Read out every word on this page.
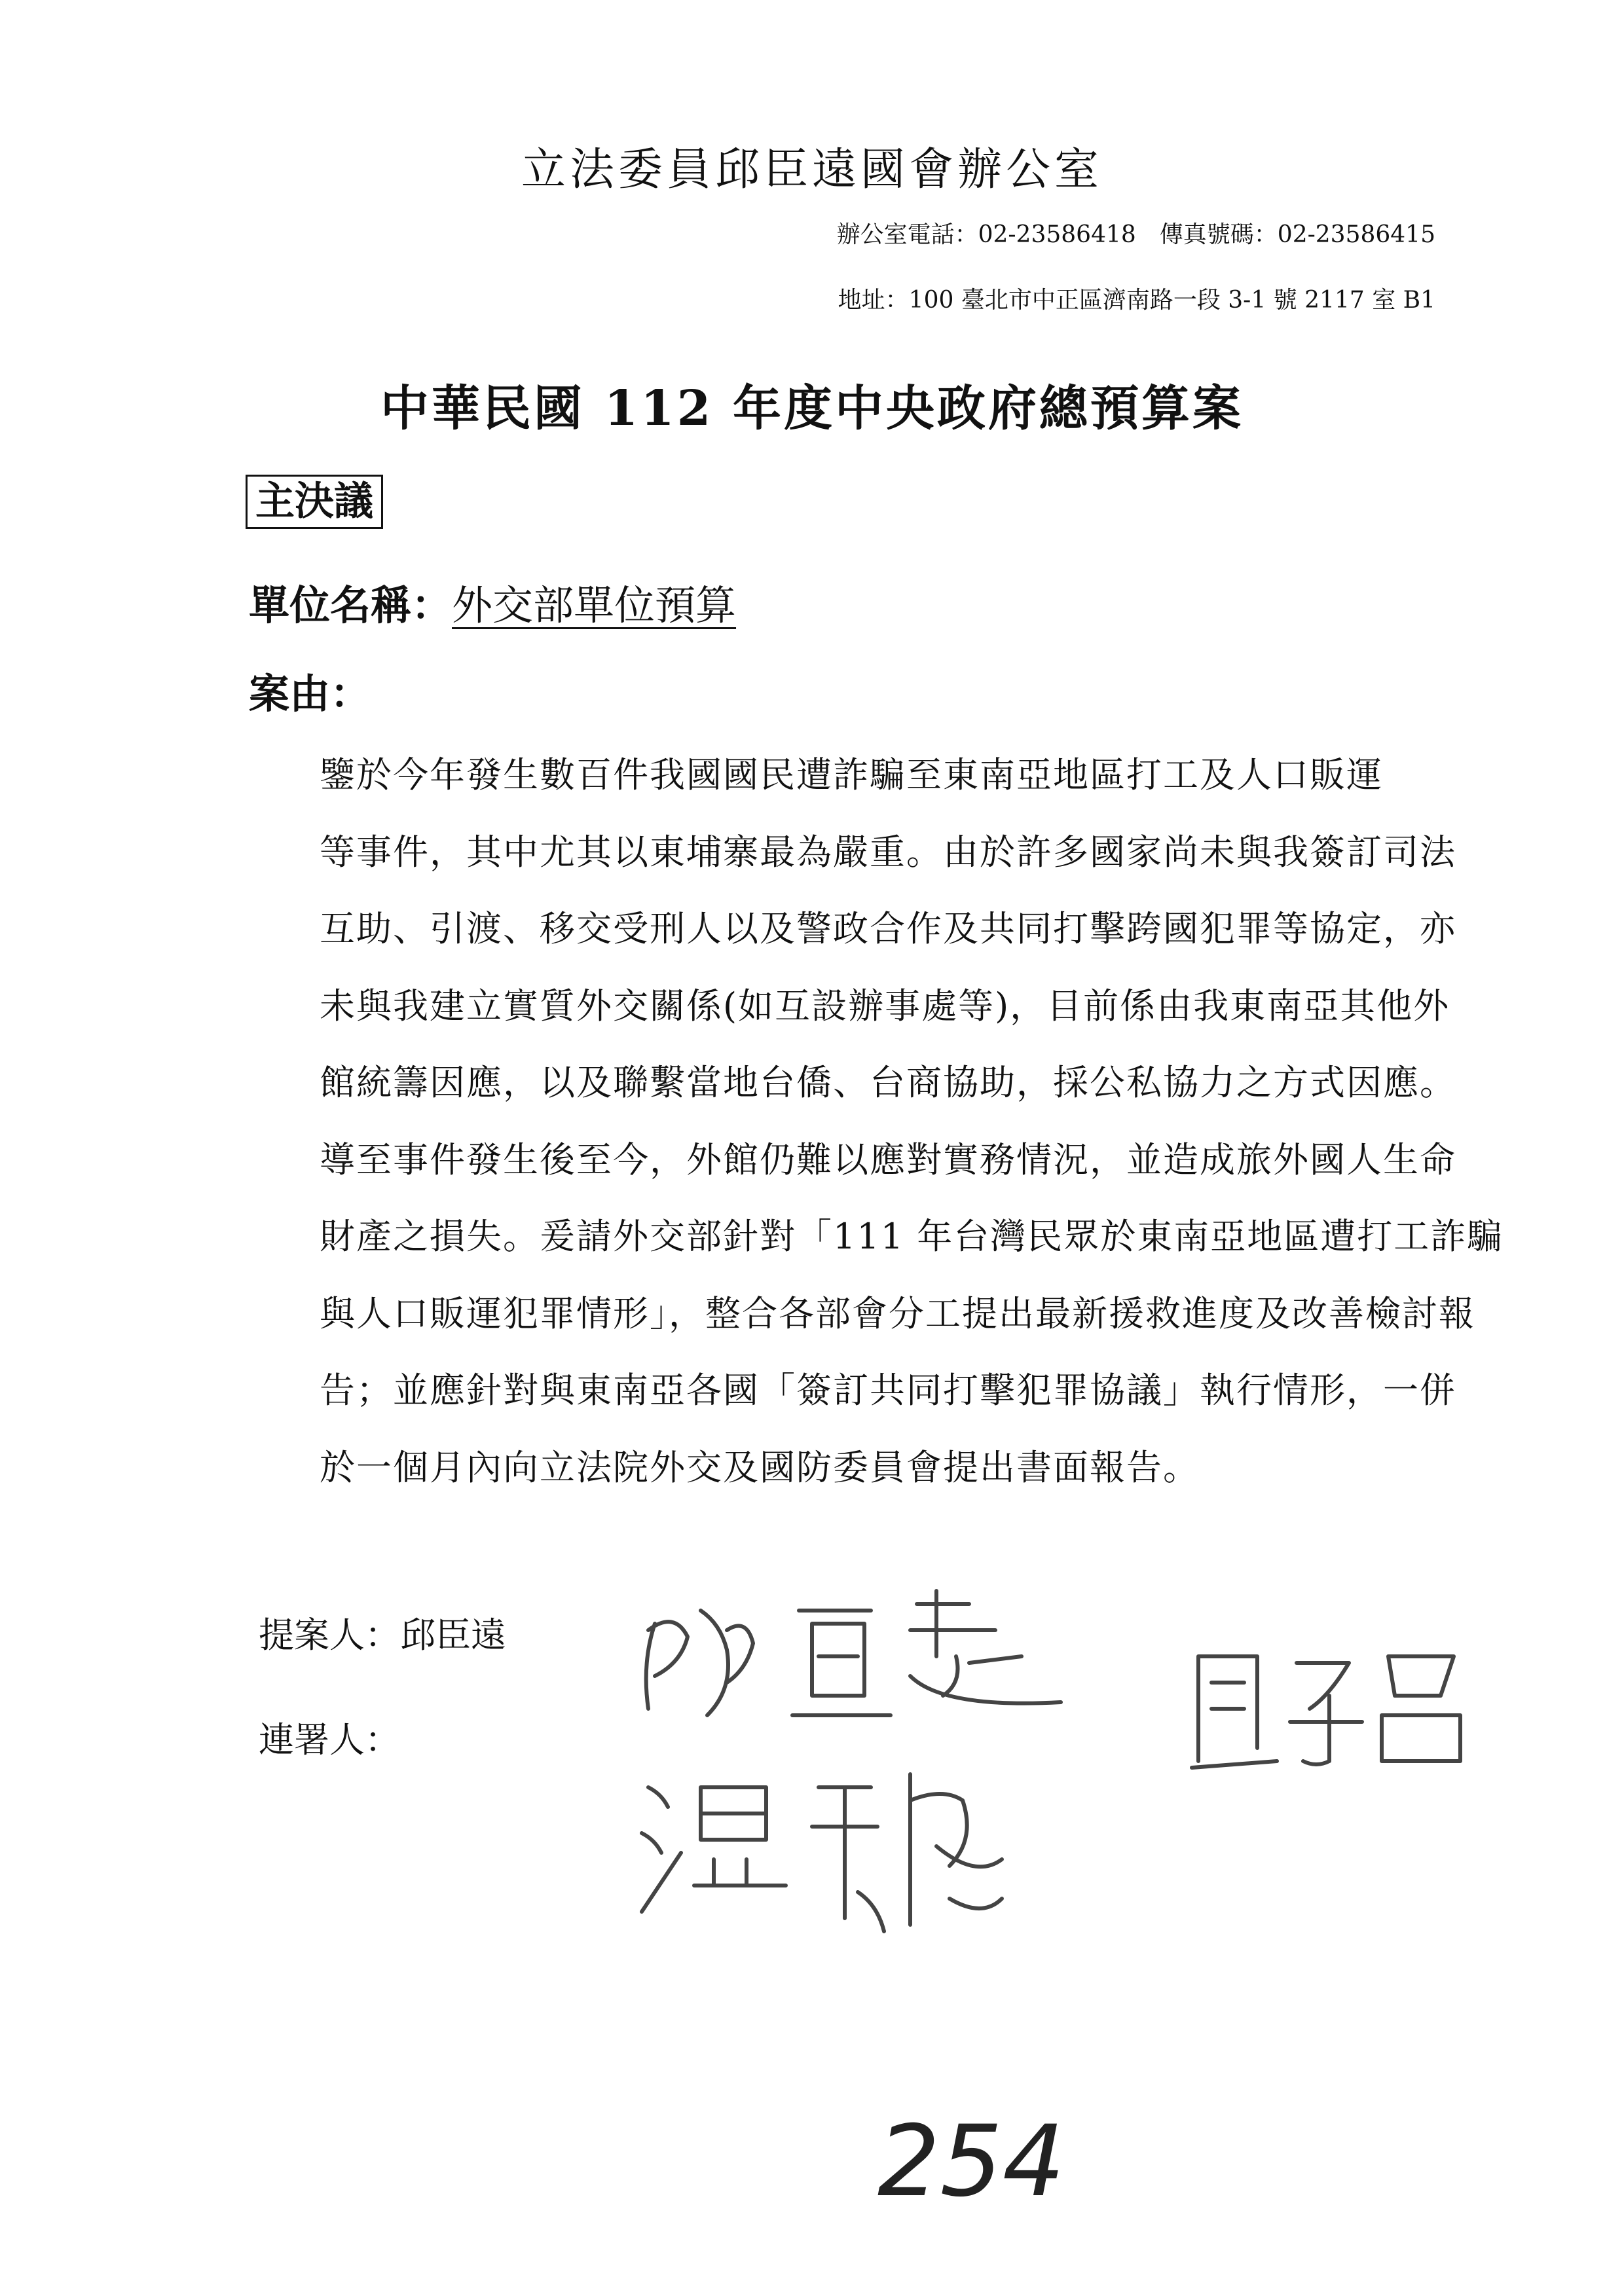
立法委員邱臣遠國會辦公室
辦公室電話：02-23586418　傳真號碼：02-23586415
地址：100 臺北市中正區濟南路一段 3-1 號 2117 室 B1
中華民國 112 年度中央政府總預算案
主決議
單位名稱：外交部單位預算
案由：
鑒於今年發生數百件我國國民遭詐騙至東南亞地區打工及人口販運
等事件，其中尤其以東埔寨最為嚴重。由於許多國家尚未與我簽訂司法
互助、引渡、移交受刑人以及警政合作及共同打擊跨國犯罪等協定，亦
未與我建立實質外交關係(如互設辦事處等)，目前係由我東南亞其他外
館統籌因應，以及聯繫當地台僑、台商協助，採公私協力之方式因應。
導至事件發生後至今，外館仍難以應對實務情況，並造成旅外國人生命
財產之損失。爰請外交部針對「111 年台灣民眾於東南亞地區遭打工詐騙
與人口販運犯罪情形」，整合各部會分工提出最新援救進度及改善檢討報
告；並應針對與東南亞各國「簽訂共同打擊犯罪協議」執行情形，一併
於一個月內向立法院外交及國防委員會提出書面報告。
提案人：邱臣遠
連署人：
254
